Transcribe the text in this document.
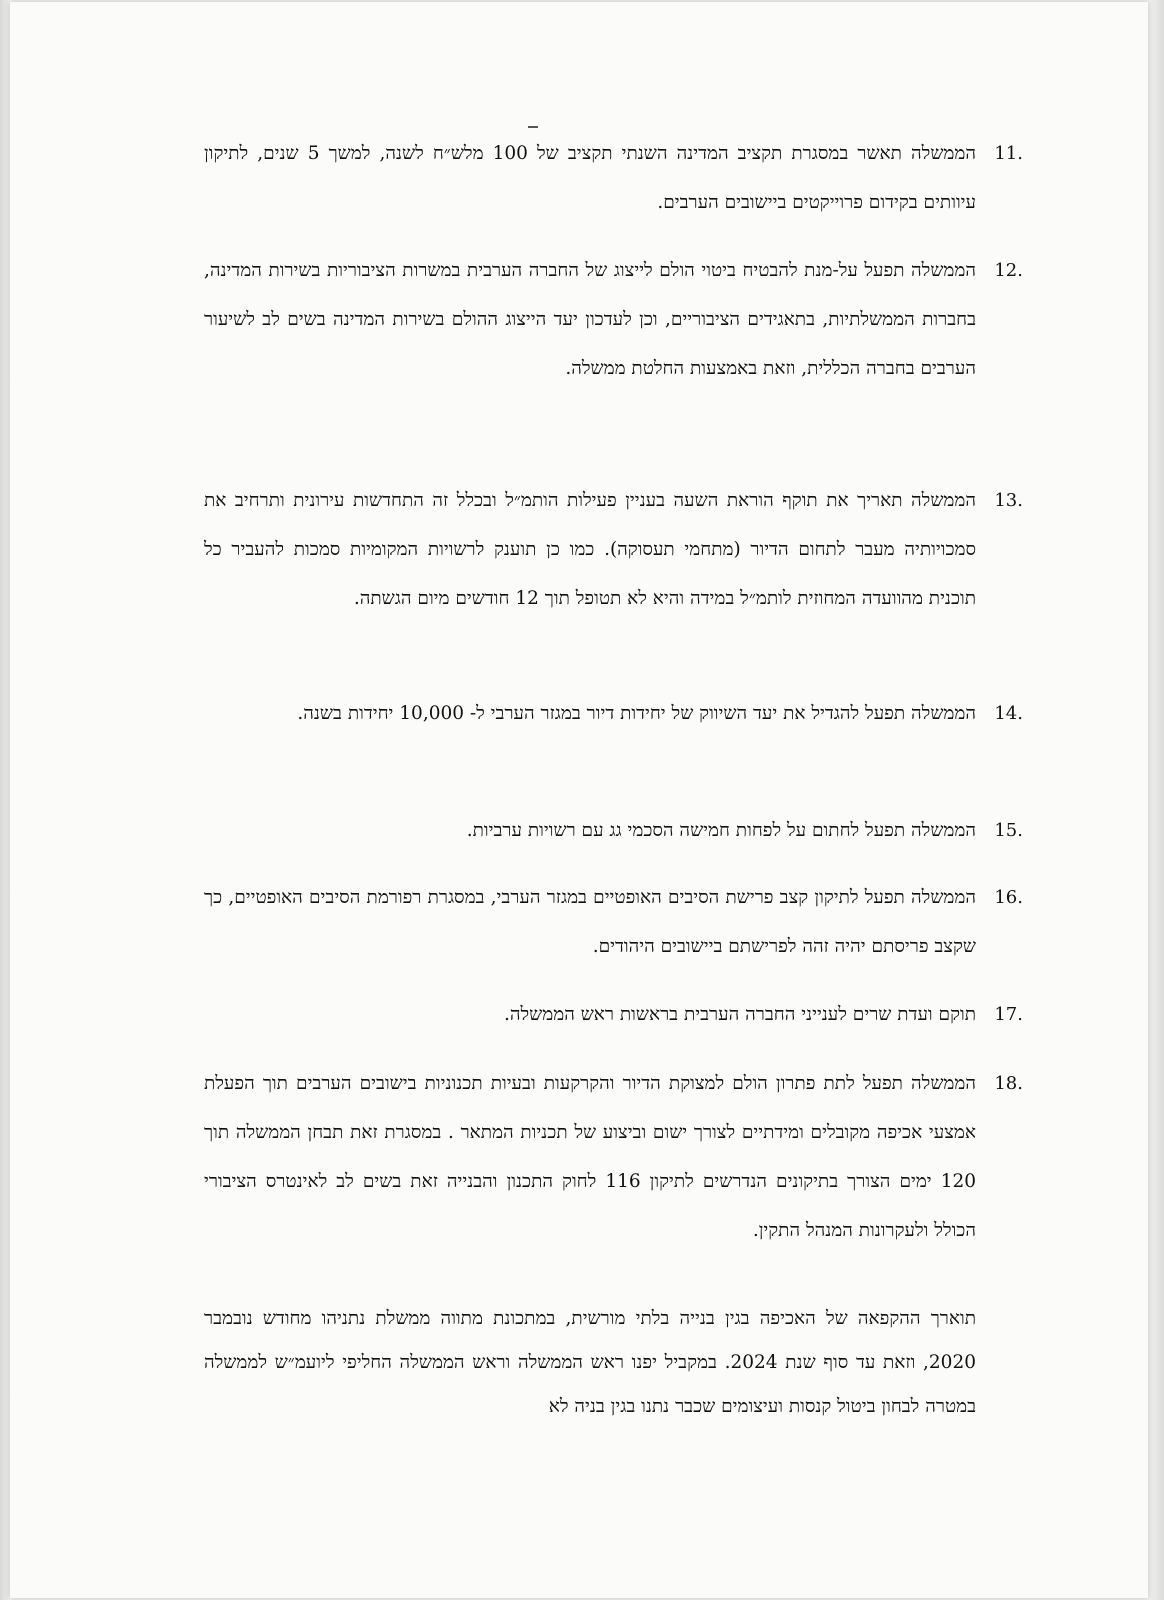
11.
הממשלה תאשר במסגרת תקציב המדינה השנתי תקציב של 100 מלש״ח לשנה, למשך 5 שנים, לתיקון עיוותים בקידום פרוייקטים ביישובים הערבים.
12.
הממשלה תפעל על-מנת להבטיח ביטוי הולם לייצוג של החברה הערבית במשרות הציבוריות בשירות המדינה, בחברות הממשלתיות, בתאגידים הציבוריים, וכן לעדכון יעד הייצוג ההולם בשירות המדינה בשים לב לשיעור הערבים בחברה הכללית, וזאת באמצעות החלטת ממשלה.
13.
הממשלה תאריך את תוקף הוראת השעה בעניין פעילות הותמ״ל ובכלל זה התחדשות עירונית ותרחיב את סמכויותיה מעבר לתחום הדיור (מתחמי תעסוקה). כמו כן תוענק לרשויות המקומיות סמכות להעביר כל תוכנית מהוועדה המחוזית לותמ״ל במידה והיא לא תטופל תוך 12 חודשים מיום הגשתה.
14.
הממשלה תפעל להגדיל את יעד השיווק של יחידות דיור במגזר הערבי ל- 10,000 יחידות בשנה.
15.
הממשלה תפעל לחתום על לפחות חמישה הסכמי גג עם רשויות ערביות.
16.
הממשלה תפעל לתיקון קצב פרישת הסיבים האופטיים במגזר הערבי, במסגרת רפורמת הסיבים האופטיים, כך שקצב פריסתם יהיה זהה לפרישתם ביישובים היהודים.
17.
תוקם ועדת שרים לענייני החברה הערבית בראשות ראש הממשלה.
18.
הממשלה תפעל לתת פתרון הולם למצוקת הדיור והקרקעות ובעיות תכנוניות בישובים הערבים תוך הפעלת אמצעי אכיפה מקובלים ומידתיים לצורך ישום וביצוע של תכניות המתאר . במסגרת זאת תבחן הממשלה תוך 120 ימים הצורך בתיקונים הנדרשים לתיקון 116 לחוק התכנון והבנייה זאת בשים לב לאינטרס הציבורי הכולל ולעקרונות המנהל התקין.
תוארך ההקפאה של האכיפה בגין בנייה בלתי מורשית, במתכונת מתווה ממשלת נתניהו מחודש נובמבר 2020, וזאת עד סוף שנת 2024. במקביל יפנו ראש הממשלה וראש הממשלה החליפי ליועמ״ש לממשלה במטרה לבחון ביטול קנסות ועיצומים שכבר נתנו בגין בניה לא
